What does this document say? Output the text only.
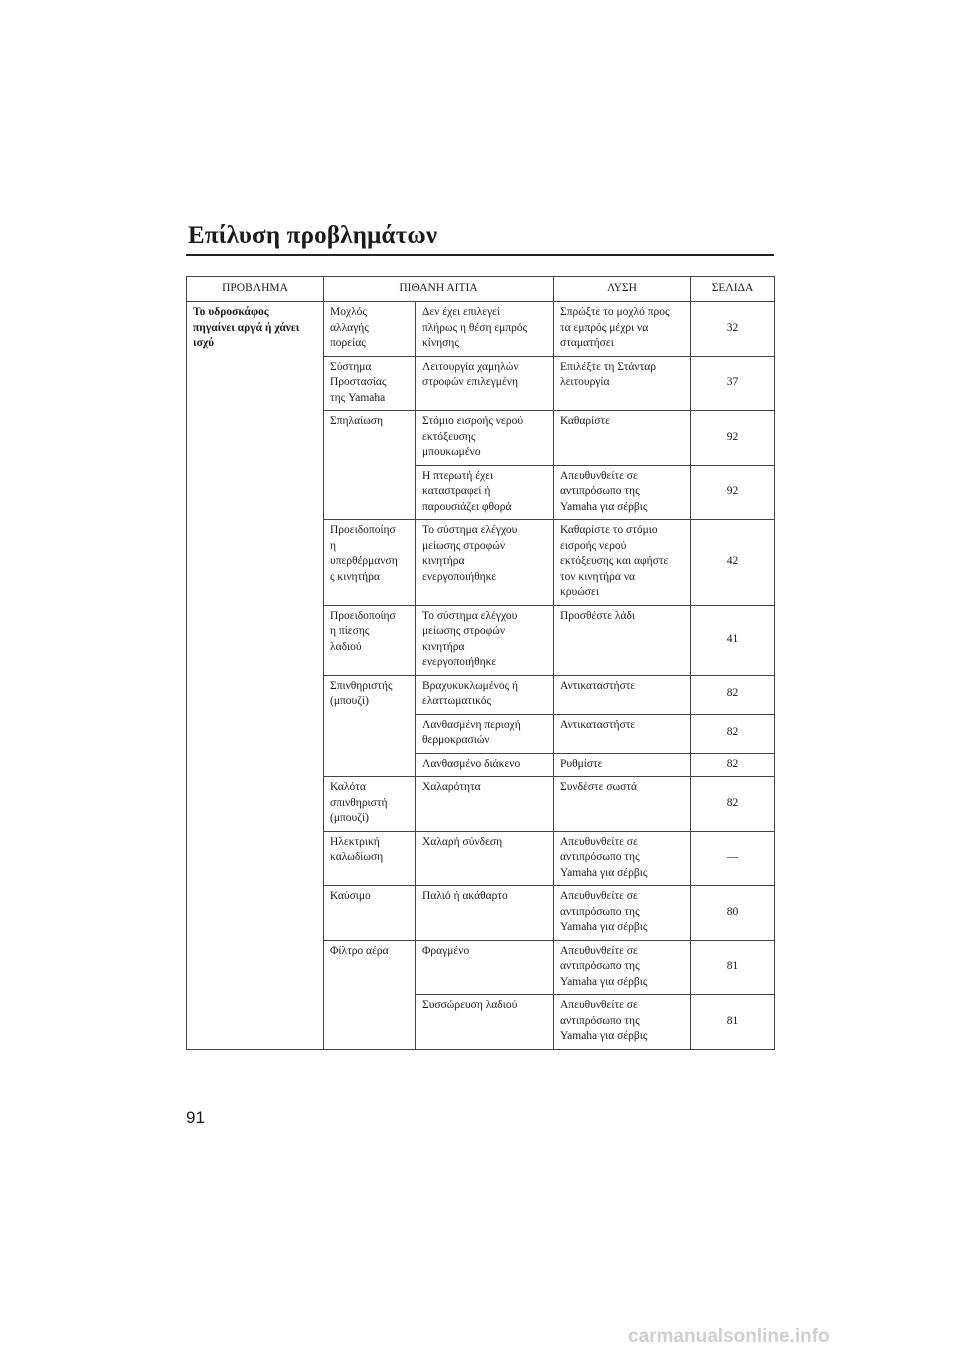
Επίλυση προβλημάτων
ΠΡΟΒΛΗΜΑ	ΠΙΘΑΝΗ ΑΙΤΙΑ		ΛΥΣΗ	ΣΕΛΙΔΑ
Το υδροσκάφος
πηγαίνει αργά ή χάνει
ισχύ	Μοχλός
αλλαγής
πορείας	Δεν έχει επιλεγεί
πλήρως η θέση εμπρός
κίνησης	Σπρώξτε το μοχλό προς
τα εμπρός μέχρι να
σταματήσει	32
	Σύστημα
Προστασίας
της Yamaha	Λειτουργία χαμηλών
στροφών επιλεγμένη	Επιλέξτε τη Στάνταρ
λειτουργία	37
	Σπηλαίωση	Στόμιο εισροής νερού
εκτόξευσης
μπουκωμένο	Καθαρίστε	92
		Η πτερωτή έχει
καταστραφεί ή
παρουσιάζει φθορά	Απευθυνθείτε σε
αντιπρόσωπο της
Yamaha για σέρβις	92
	Προειδοποίησ
η
υπερθέρμανση
ς κινητήρα	Το σύστημα ελέγχου
μείωσης στροφών
κινητήρα
ενεργοποιήθηκε	Καθαρίστε το στόμιο
εισροής νερού
εκτόξευσης και αφήστε
τον κινητήρα να
κρυώσει	42
	Προειδοποίησ
η πίεσης
λαδιού	Το σύστημα ελέγχου
μείωσης στροφών
κινητήρα
ενεργοποιήθηκε	Προσθέστε λάδι	41
	Σπινθηριστής
(μπουζί)	Βραχυκυκλωμένος ή
ελαττωματικός	Αντικαταστήστε	82
		Λανθασμένη περιοχή
θερμοκρασιών	Αντικαταστήστε	82
		Λανθασμένο διάκενο	Ρυθμίστε	82
	Καλότα
σπινθηριστή
(μπουζί)	Χαλαρότητα	Συνδέστε σωστά	82
	Ηλεκτρική
καλωδίωση	Χαλαρή σύνδεση	Απευθυνθείτε σε
αντιπρόσωπο της
Yamaha για σέρβις	—
	Καύσιμο	Παλιό ή ακάθαρτο	Απευθυνθείτε σε
αντιπρόσωπο της
Yamaha για σέρβις	80
	Φίλτρο αέρα	Φραγμένο	Απευθυνθείτε σε
αντιπρόσωπο της
Yamaha για σέρβις	81
		Συσσώρευση λαδιού	Απευθυνθείτε σε
αντιπρόσωπο της
Yamaha για σέρβις	81
91
carmanualsonline.info
